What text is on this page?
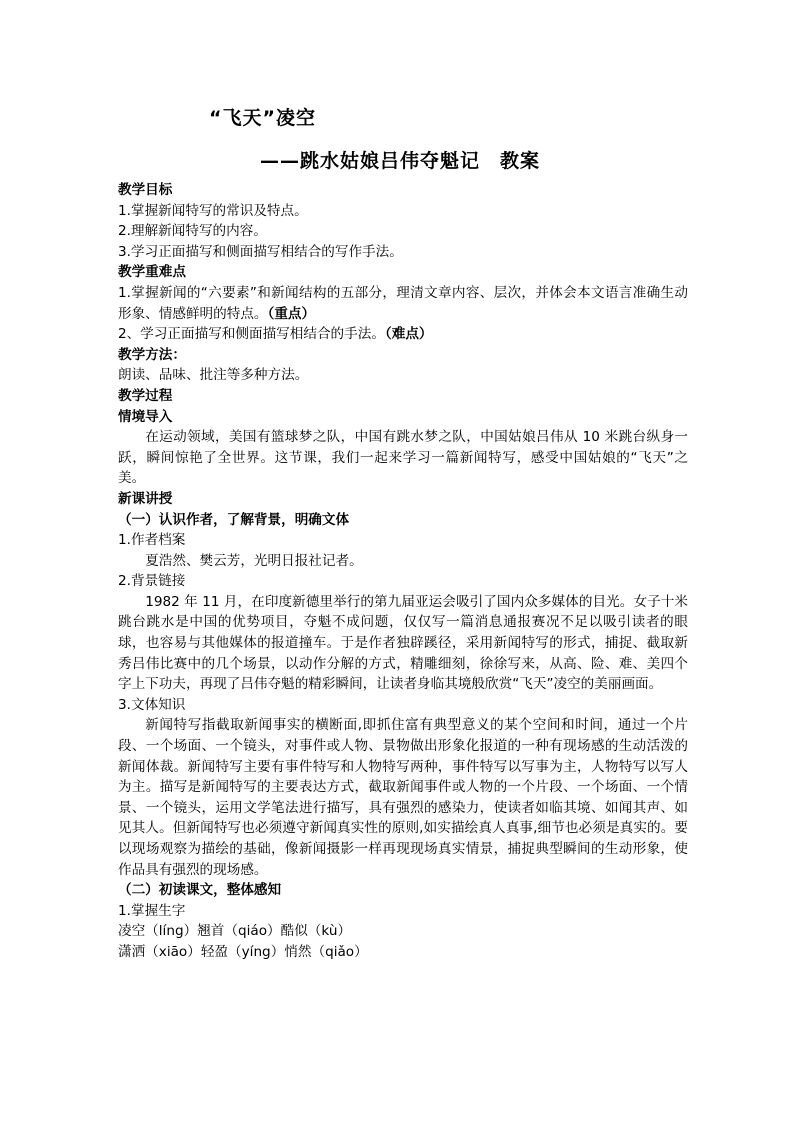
“飞天”凌空
——跳水姑娘吕伟夺魁记　教案

教学目标

1.掌握新闻特写的常识及特点。

2.理解新闻特写的内容。

3.学习正面描写和侧面描写相结合的写作手法。

教学重难点

1.掌握新闻的“六要素”和新闻结构的五部分，理清文章内容、层次，并体会本文语言准确生动形象、情感鲜明的特点。（重点）

2、学习正面描写和侧面描写相结合的手法。（难点）

教学方法：

朗读、品味、批注等多种方法。

教学过程

情境导入

在运动领域，美国有篮球梦之队，中国有跳水梦之队，中国姑娘吕伟从 10 米跳台纵身一跃，瞬间惊艳了全世界。这节课，我们一起来学习一篇新闻特写，感受中国姑娘的“飞天”之美。

新课讲授

（一）认识作者，了解背景，明确文体

1.作者档案

夏浩然、樊云芳，光明日报社记者。

2.背景链接

1982 年 11 月，在印度新德里举行的第九届亚运会吸引了国内众多媒体的目光。女子十米跳台跳水是中国的优势项目，夺魁不成问题，仅仅写一篇消息通报赛况不足以吸引读者的眼球，也容易与其他媒体的报道撞车。于是作者独辟蹊径，采用新闻特写的形式，捕捉、截取新秀吕伟比赛中的几个场景，以动作分解的方式，精雕细刻，徐徐写来，从高、险、难、美四个字上下功夫，再现了吕伟夺魁的精彩瞬间，让读者身临其境般欣赏“飞天”凌空的美丽画面。

3.文体知识

新闻特写指截取新闻事实的横断面,即抓住富有典型意义的某个空间和时间，通过一个片段、一个场面、一个镜头，对事件或人物、景物做出形象化报道的一种有现场感的生动活泼的新闻体裁。新闻特写主要有事件特写和人物特写两种，事件特写以写事为主，人物特写以写人为主。描写是新闻特写的主要表达方式，截取新闻事件或人物的一个片段、一个场面、一个情景、一个镜头，运用文学笔法进行描写，具有强烈的感染力，使读者如临其境、如闻其声、如见其人。但新闻特写也必须遵守新闻真实性的原则,如实描绘真人真事,细节也必须是真实的。要以现场观察为描绘的基础，像新闻摄影一样再现现场真实情景，捕捉典型瞬间的生动形象，使作品具有强烈的现场感。

（二）初读课文，整体感知

1.掌握生字

凌空（líng）翘首（qiáo）酷似（kù）

潇洒（xiāo）轻盈（yíng）悄然（qiǎo）
